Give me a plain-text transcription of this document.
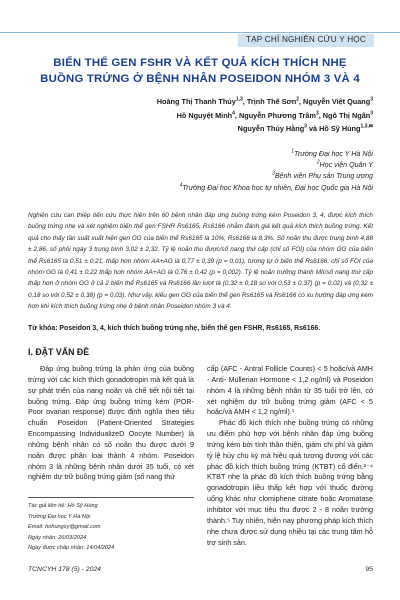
TẠP CHÍ NGHIÊN CỨU Y HỌC
BIẾN THỂ GEN FSHR VÀ KẾT QUẢ KÍCH THÍCH NHẸ
BUỒNG TRỨNG Ở BỆNH NHÂN POSEIDON NHÓM 3 VÀ 4
Hoàng Thị Thanh Thúy$^{1,3}$, Trịnh Thế Sơn$^2$, Nguyễn Việt Quang$^3$
Hồ Nguyệt Minh$^4$, Nguyễn Phương Trâm$^3$, Ngô Thị Ngân$^3$
Nguyễn Thúy Hằng$^3$ và Hồ Sỹ Hùng$^{1,3,✉}$
$^1$Trường Đại học Y Hà Nội
$^2$Học viện Quân Y
$^3$Bệnh viện Phụ sản Trung ương
$^4$Trường Đại học Khoa học tự nhiên, Đại học Quốc gia Hà Nội
Nghiên cứu can thiệp tiến cứu thực hiện trên 60 bệnh nhân đáp ứng buồng trứng kém Poseidon 3, 4, được kích thích buồng trứng nhẹ và xét nghiệm biến thể gen FSHR Rs6165, Rs6166 nhằm đánh giá kết quả kích thích buồng trứng. Kết quả cho thấy tần suất xuất hiện gen GG của biến thể Rs6165 là 10%, Rs6166 là 8,3%. Số noãn thu được trung bình 4,88 ± 2,86, số phôi ngày 3 trung bình 3,02 ± 2,32. Tỷ lệ noãn thu được/số nang thứ cấp (chỉ số FOI) của nhóm GG của biến thể Rs6165 là 0,51 ± 0,21, thấp hơn nhóm AA+AG là 0,77 ± 0,39 (p = 0,01), tương tự ở biến thể Rs6166, chỉ số FOI của nhóm GG là 0,41 ± 0,22 thấp hơn nhóm AA+AG là 0,76 ± 0,42 (p = 0,002). Tỷ lệ noãn trưởng thành MII/số nang thứ cấp thấp hơn ở nhóm GG ở cả 2 biến thể Rs6165 và Rs6166 lần lượt là (0,32 ± 0,18 so với 0,53 ± 0,37) (p = 0,02) và (0,32 ± 0,18 so với 0,52 ± 0,38) (p = 0,03). Như vậy, kiểu gen GG của biến thể gen Rs6165 và Rs6166 có xu hướng đáp ứng kém hơn khi kích thích buồng trứng nhẹ ở bệnh nhân Poseidon nhóm 3 và 4.
Từ khóa: Poseidon 3, 4, kích thích buồng trứng nhẹ, biến thể gen FSHR, Rs6165, Rs6166.
I. ĐẶT VẤN ĐỀ

Đáp ứng buồng trứng là phản ứng của buồng trứng với các kích thích gonadotropin mà kết quả là sự phát triển của nang noãn và chế tiết nội tiết tại buồng trứng. Đáp ứng buồng trứng kém (POR- Poor ovarian response) được định nghĩa theo tiêu chuẩn Poseidon (Patient-Oriented Strategies Encompassing IndividualizeD Oocyte Number) là những bệnh nhân có số noãn thu được dưới 9 noãn được phân loại thành 4 nhóm. Poseidon nhóm 3 là những bệnh nhân dưới 35 tuổi, có xét nghiệm dự trữ buồng trứng giảm (số nang thứ

cấp (AFC - Antral Follicle Counts) < 5 hoặc/và AMH - Anti- Mullerian Hormone < 1,2 ng/ml) và Poseidon nhóm 4 là những bệnh nhân từ 35 tuổi trở lên, có xét nghiệm dự trữ buồng trứng giảm (AFC < 5 hoặc/và AMH < 1,2 ng/ml).¹

Phác đồ kích thích nhẹ buồng trứng có những ưu điểm phù hợp với bệnh nhân đáp ứng buồng trứng kém bởi tính thân thiện, giảm chi phí và giảm tỷ lệ hủy chu kỳ mà hiệu quả tương đương với các phác đồ kích thích buồng trứng (KTBT) cổ điển.²⁻⁴ KTBT nhẹ là phác đồ kích thích buồng trứng bằng gonadotropin liều thấp kết hợp với thuốc đường uống khác như clomiphene citrate hoặc Aromatase inhibitor với mục tiêu thu được 2 - 8 noãn trưởng thành.⁵ Tuy nhiên, hiện nay phương pháp kích thích nhẹ chưa được sử dụng nhiều tại các trung tâm hỗ trợ sinh sản.

Tác giả liên hệ: Hồ Sỹ Hùng
Trường Đại học Y Hà Nội
Email: hohungsy@gmail.com
Ngày nhận: 26/03/2024
Ngày được chấp nhận: 14/04/2024
TCNCYH 178 (5) - 2024	95
